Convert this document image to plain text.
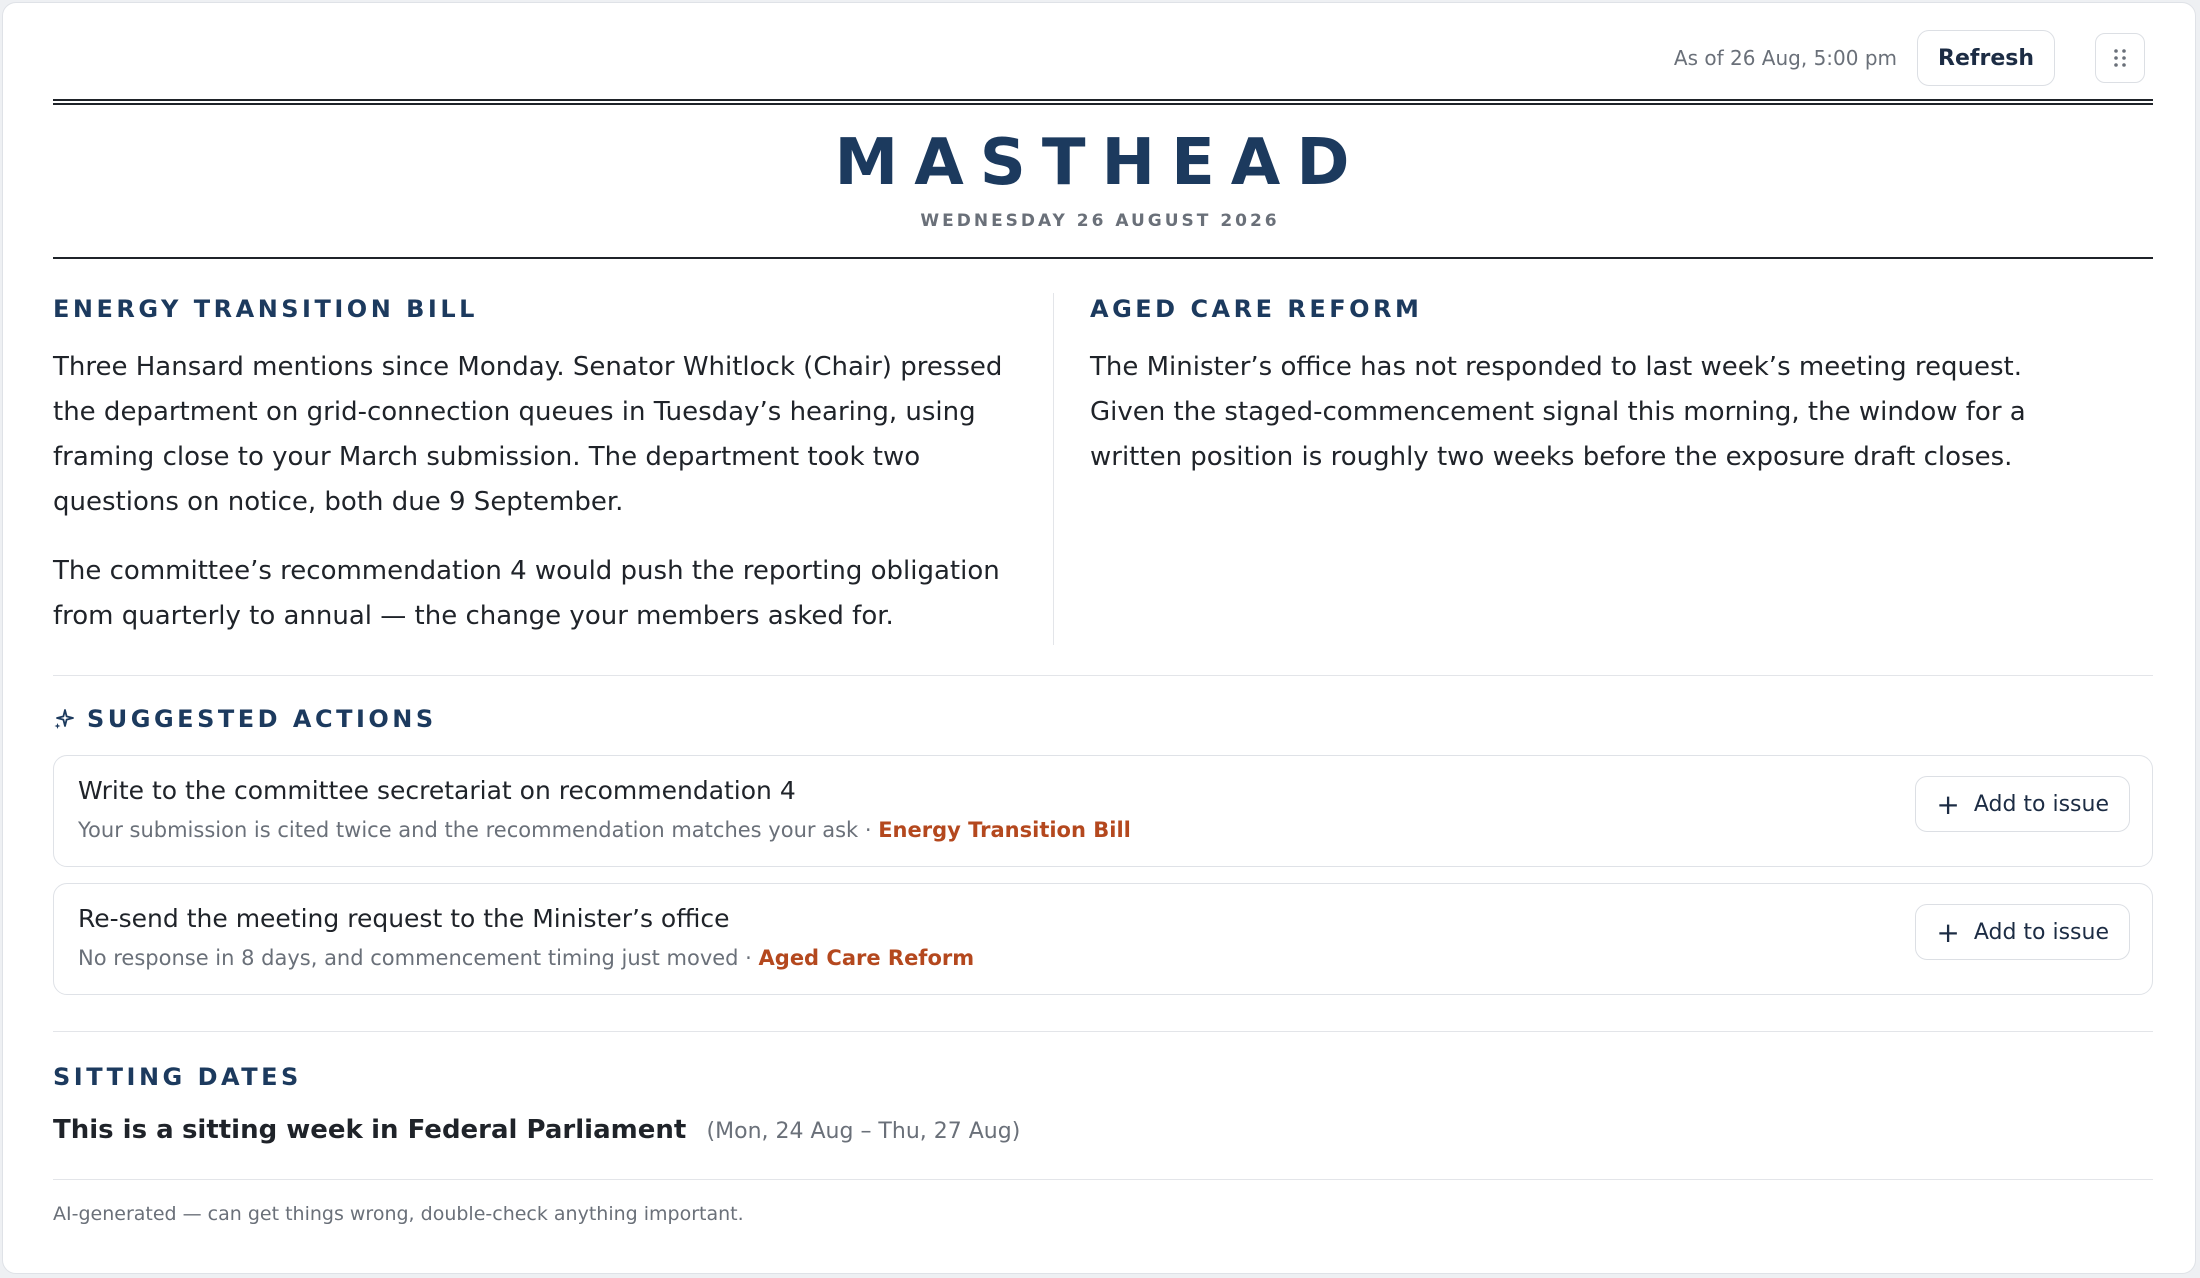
As of 26 Aug, 5:00 pm	Refresh
MASTHEAD
WEDNESDAY 26 AUGUST 2026
ENERGY TRANSITION BILL

Three Hansard mentions since Monday. Senator Whitlock (Chair) pressed the department on grid-connection queues in Tuesday’s hearing, using framing close to your March submission. The department took two questions on notice, both due 9 September.

The committee’s recommendation 4 would push the reporting obligation from quarterly to annual — the change your members asked for.

AGED CARE REFORM

The Minister’s office has not responded to last week’s meeting request. Given the staged-commencement signal this morning, the window for a written position is roughly two weeks before the exposure draft closes.

SUGGESTED ACTIONS
Write to the committee secretariat on recommendation 4
Your submission is cited twice and the recommendation matches your ask · Energy Transition Bill
+ Add to issue
Re-send the meeting request to the Minister’s office
No response in 8 days, and commencement timing just moved · Aged Care Reform
+ Add to issue
SITTING DATES
This is a sitting week in Federal Parliament (Mon, 24 Aug – Thu, 27 Aug)
AI-generated — can get things wrong, double-check anything important.
